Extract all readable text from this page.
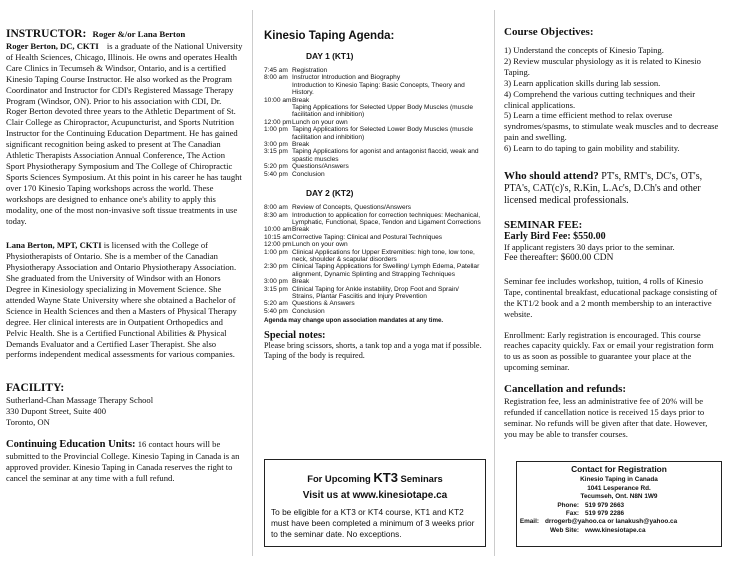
INSTRUCTOR: Roger &/or Lana Berton
Roger Berton, DC, CKTI is a graduate of the National University of Health Sciences, Chicago, Illinois. He owns and operates Health Care Clinics in Tecumseh & Windsor, Ontario, and is a certified Kinesio Taping Course Instructor. He also worked as the Program Coordinator and Instructor for CDI's Registered Massage Therapy Program (Windsor, ON). Prior to his association with CDI, Dr. Roger Berton devoted three years to the Athletic Department of St. Clair College as Chiropractor, Acupuncturist, and Sports Nutrition Instructor for the Continuing Education Department. He has gained significant recognition being asked to present at The Canadian Athletic Therapists Association Annual Conference, The Action Sport Physiotherapy Symposium and The College of Chiropractic Sports Sciences Symposium. At this point in his career he has taught over 170 Kinesio Taping workshops across the world. These workshops are designed to enhance one's ability to apply this modality, one of the most non-invasive soft tissue treatments in use today.
Lana Berton, MPT, CKTI is licensed with the College of Physiotherapists of Ontario. She is a member of the Canadian Physiotherapy Association and Ontario Physiotherapy Association. She graduated from the University of Windsor with an Honors Degree in Kinesiology specializing in Movement Science. She attended Wayne State University where she obtained a Bachelor of Science in Health Sciences and then a Masters of Physical Therapy degree. Her clinical interests are in Outpatient Orthopedics and Pelvic Health. She is a Certified Functional Abilities & Physical Demands Evaluator and a Certified Laser Therapist. She also performs independent medical assessments for various companies.
FACILITY:
Sutherland-Chan Massage Therapy School
330 Dupont Street, Suite 400
Toronto, ON
Continuing Education Units: 16 contact hours will be submitted to the Provincial College. Kinesio Taping in Canada is an approved provider. Kinesio Taping in Canada reserves the right to cancel the seminar at any time with a full refund.
Kinesio Taping Agenda:
DAY 1 (KT1)
7:45 am Registration
8:00 am Instructor Introduction and Biography
Introduction to Kinesio Taping: Basic Concepts, Theory and History.
10:00 am Break
Taping Applications for Selected Upper Body Muscles (muscle facilitation and inhibition)
12:00 pm Lunch on your own
1:00 pm Taping Applications for Selected Lower Body Muscles (muscle facilitation and inhibition)
3:00 pm Break
3:15 pm Taping Applications for agonist and antagonist flaccid, weak and spastic muscles
5:20 pm Questions/Answers
5:40 pm Conclusion
DAY 2 (KT2)
8:00 am Review of Concepts, Questions/Answers
8:30 am Introduction to application for correction techniques: Mechanical, Lymphatic, Functional, Space, Tendon and Ligament Corrections
10:00 am Break
10:15 am Corrective Taping: Clinical and Postural Techniques
12:00 pm Lunch on your own
1:00 pm Clinical Applications for Upper Extremities: high tone, low tone, neck, shoulder & scapular disorders
2:30 pm Clinical Taping Applications for Swelling/ Lymph Edema, Patellar alignment, Dynamic Splinting and Strapping Techniques
3:00 pm Break
3:15 pm Clinical Taping for Ankle instability, Drop Foot and Sprain/ Strains, Plantar Fasciitis and Injury Prevention
5:20 am Questions & Answers
5:40 pm Conclusion
Agenda may change upon association mandates at any time.
Special notes:
Please bring scissors, shorts, a tank top and a yoga mat if possible. Taping of the body is required.
For Upcoming KT3 Seminars
Visit us at www.kinesiotape.ca
To be eligible for a KT3 or KT4 course, KT1 and KT2 must have been completed a minimum of 3 weeks prior to the seminar date. No exceptions.
Course Objectives:
1) Understand the concepts of Kinesio Taping.
2) Review muscular physiology as it is related to Kinesio Taping.
3) Learn application skills during lab session.
4) Comprehend the various cutting techniques and their clinical applications.
5) Learn a time efficient method to relax overuse syndromes/spasms, to stimulate weak muscles and to decrease pain and swelling.
6) Learn to do taping to gain mobility and stability.
Who should attend? PT's, RMT's, DC's, OT's, PTA's, CAT(c)'s, R.Kin, L.Ac's, D.Ch's and other licensed medical professionals.
SEMINAR FEE:
Early Bird Fee: $550.00
If applicant registers 30 days prior to the seminar.
Fee thereafter: $600.00 CDN
Seminar fee includes workshop, tuition, 4 rolls of Kinesio Tape, continental breakfast, educational package consisting of the KT1/2 book and a 2 month membership to an interactive website.
Enrollment: Early registration is encouraged. This course reaches capacity quickly. Fax or email your registration form to us as soon as possible to guarantee your place at the upcoming seminar.
Cancellation and refunds:
Registration fee, less an administrative fee of 20% will be refunded if cancellation notice is received 15 days prior to seminar. No refunds will be given after that date. However, you may be able to transfer courses.
Contact for Registration
Kinesio Taping in Canada
1041 Lesperance Rd.
Tecumseh, Ont. N8N 1W9
Phone: 519 979 2663
Fax: 519 979 2286
Email: drrogerb@yahoo.ca or lanakush@yahoo.ca
Web Site: www.kinesiotape.ca
